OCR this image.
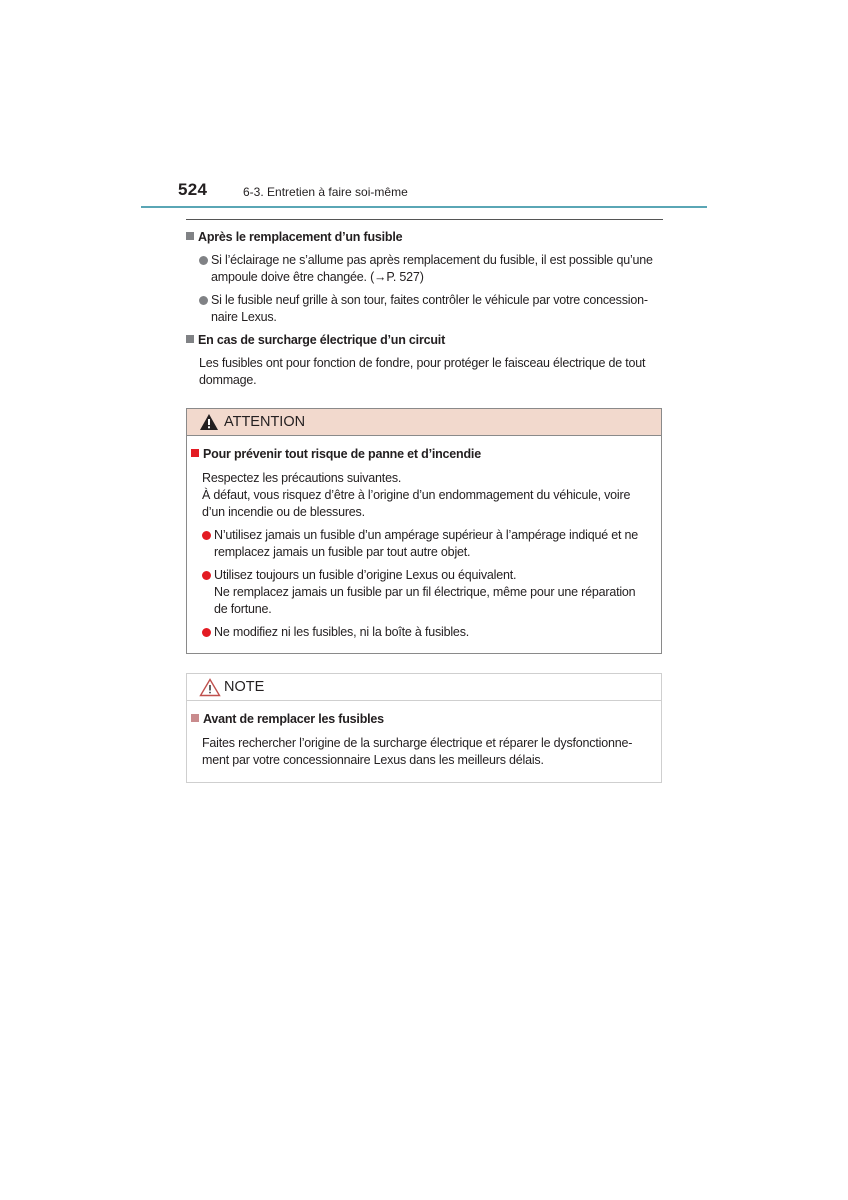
524	6-3. Entretien à faire soi-même
Après le remplacement d’un fusible
Si l’éclairage ne s’allume pas après remplacement du fusible, il est possible qu’une
ampoule doive être changée. (→P. 527)
Si le fusible neuf grille à son tour, faites contrôler le véhicule par votre concession-
naire Lexus.
En cas de surcharge électrique d’un circuit
Les fusibles ont pour fonction de fondre, pour protéger le faisceau électrique de tout
dommage.
ATTENTION
Pour prévenir tout risque de panne et d’incendie
Respectez les précautions suivantes.
À défaut, vous risquez d’être à l’origine d’un endommagement du véhicule, voire
d’un incendie ou de blessures.
N’utilisez jamais un fusible d’un ampérage supérieur à l’ampérage indiqué et ne
remplacez jamais un fusible par tout autre objet.
Utilisez toujours un fusible d’origine Lexus ou équivalent.
Ne remplacez jamais un fusible par un fil électrique, même pour une réparation
de fortune.
Ne modifiez ni les fusibles, ni la boîte à fusibles.
NOTE
Avant de remplacer les fusibles
Faites rechercher l’origine de la surcharge électrique et réparer le dysfonctionne-
ment par votre concessionnaire Lexus dans les meilleurs délais.
